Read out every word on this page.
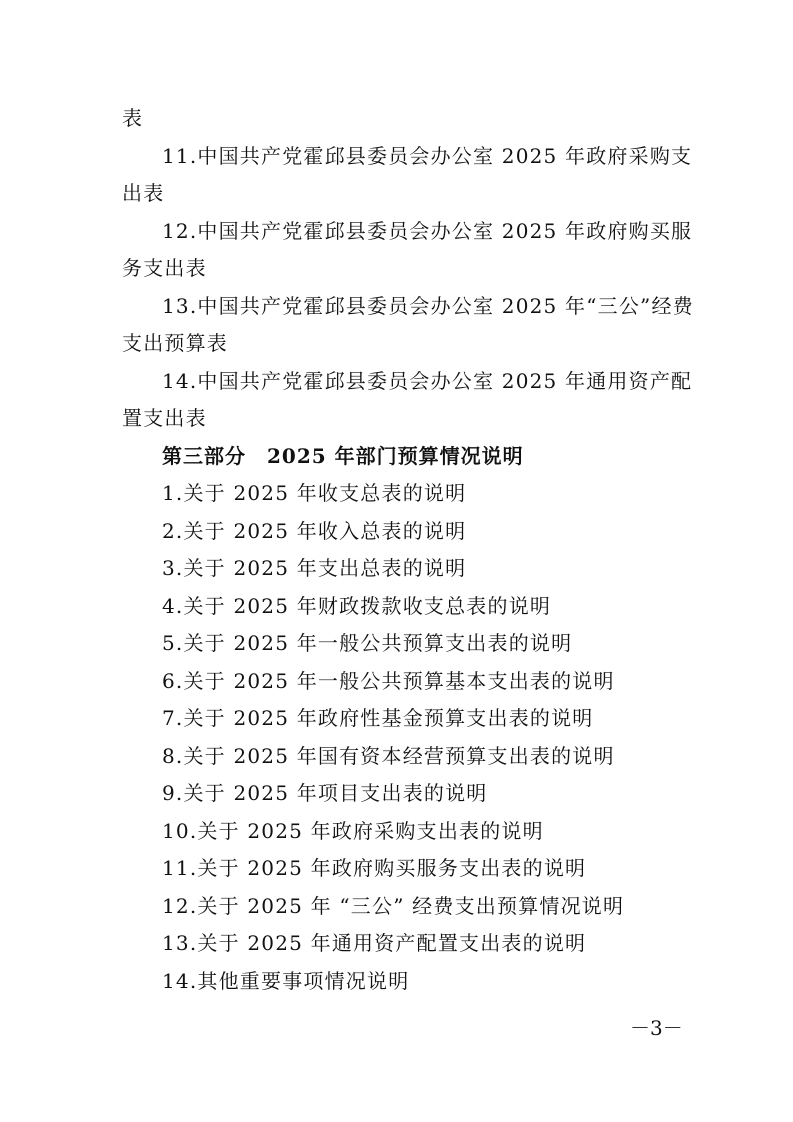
表
11.中国共产党霍邱县委员会办公室 2025 年政府采购支
出表
12.中国共产党霍邱县委员会办公室 2025 年政府购买服
务支出表
13.中国共产党霍邱县委员会办公室 2025 年“三公”经费
支出预算表
14.中国共产党霍邱县委员会办公室 2025 年通用资产配
置支出表
第三部分　2025 年部门预算情况说明
1.关于 2025 年收支总表的说明
2.关于 2025 年收入总表的说明
3.关于 2025 年支出总表的说明
4.关于 2025 年财政拨款收支总表的说明
5.关于 2025 年一般公共预算支出表的说明
6.关于 2025 年一般公共预算基本支出表的说明
7.关于 2025 年政府性基金预算支出表的说明
8.关于 2025 年国有资本经营预算支出表的说明
9.关于 2025 年项目支出表的说明
10.关于 2025 年政府采购支出表的说明
11.关于 2025 年政府购买服务支出表的说明
12.关于 2025 年 “三公” 经费支出预算情况说明
13.关于 2025 年通用资产配置支出表的说明
14.其他重要事项情况说明
－3－
